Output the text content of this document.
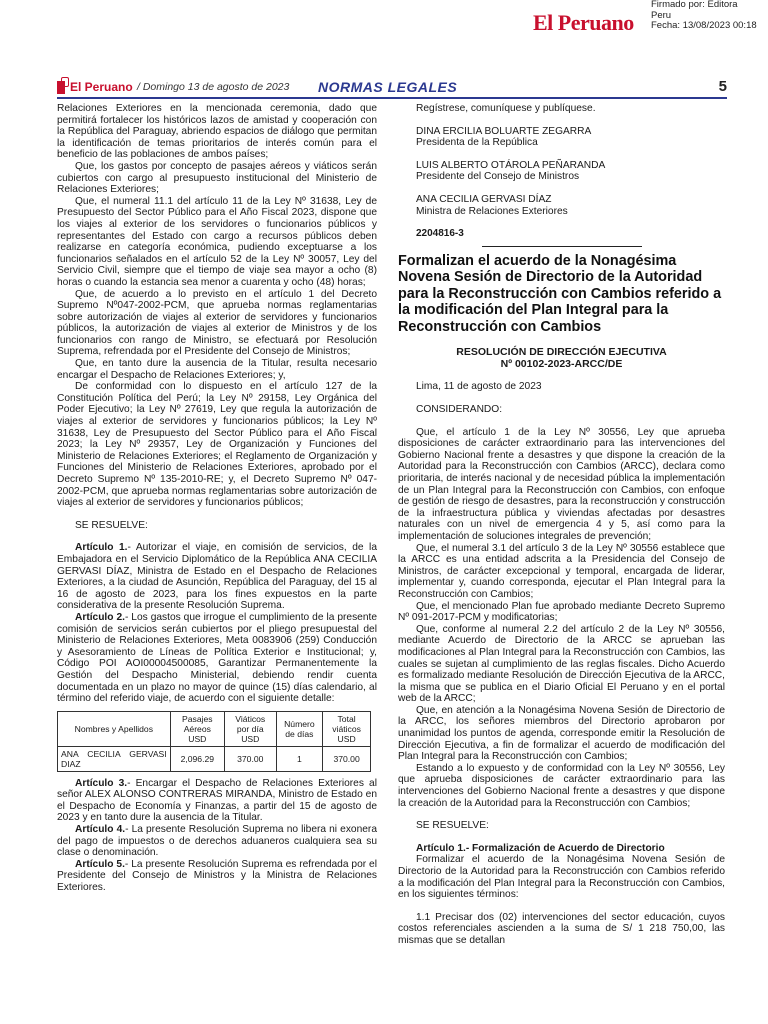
El Peruano
Firmado por: Editora
Peru
Fecha: 13/08/2023 00:18
El Peruano / Domingo 13 de agosto de 2023 NORMAS LEGALES	5

Relaciones Exteriores en la mencionada ceremonia, dado que permitirá fortalecer los históricos lazos de amistad y cooperación con la República del Paraguay, abriendo espacios de diálogo que permitan la identificación de temas prioritarios de interés común para el beneficio de las poblaciones de ambos países;

Que, los gastos por concepto de pasajes aéreos y viáticos serán cubiertos con cargo al presupuesto institucional del Ministerio de Relaciones Exteriores;

Que, el numeral 11.1 del artículo 11 de la Ley Nº 31638, Ley de Presupuesto del Sector Público para el Año Fiscal 2023, dispone que los viajes al exterior de los servidores o funcionarios públicos y representantes del Estado con cargo a recursos públicos deben realizarse en categoría económica, pudiendo exceptuarse a los funcionarios señalados en el artículo 52 de la Ley Nº 30057, Ley del Servicio Civil, siempre que el tiempo de viaje sea mayor a ocho (8) horas o cuando la estancia sea menor a cuarenta y ocho (48) horas;

Que, de acuerdo a lo previsto en el artículo 1 del Decreto Supremo Nº047-2002-PCM, que aprueba normas reglamentarias sobre autorización de viajes al exterior de servidores y funcionarios públicos, la autorización de viajes al exterior de Ministros y de los funcionarios con rango de Ministro, se efectuará por Resolución Suprema, refrendada por el Presidente del Consejo de Ministros;

Que, en tanto dure la ausencia de la Titular, resulta necesario encargar el Despacho de Relaciones Exteriores; y,

De conformidad con lo dispuesto en el artículo 127 de la Constitución Política del Perú; la Ley Nº 29158, Ley Orgánica del Poder Ejecutivo; la Ley Nº 27619, Ley que regula la autorización de viajes al exterior de servidores y funcionarios públicos; la Ley Nº 31638, Ley de Presupuesto del Sector Público para el Año Fiscal 2023; la Ley Nº 29357, Ley de Organización y Funciones del Ministerio de Relaciones Exteriores; el Reglamento de Organización y Funciones del Ministerio de Relaciones Exteriores, aprobado por el Decreto Supremo Nº 135-2010-RE; y, el Decreto Supremo Nº 047-2002-PCM, que aprueba normas reglamentarias sobre autorización de viajes al exterior de servidores y funcionarios públicos;

SE RESUELVE:

Artículo 1.- Autorizar el viaje, en comisión de servicios, de la Embajadora en el Servicio Diplomático de la República ANA CECILIA GERVASI DÍAZ, Ministra de Estado en el Despacho de Relaciones Exteriores, a la ciudad de Asunción, República del Paraguay, del 15 al 16 de agosto de 2023, para los fines expuestos en la parte considerativa de la presente Resolución Suprema.

Artículo 2.- Los gastos que irrogue el cumplimiento de la presente comisión de servicios serán cubiertos por el pliego presupuestal del Ministerio de Relaciones Exteriores, Meta 0083906 (259) Conducción y Asesoramiento de Líneas de Política Exterior e Institucional; y, Código POI AOI00004500085, Garantizar Permanentemente la Gestión del Despacho Ministerial, debiendo rendir cuenta documentada en un plazo no mayor de quince (15) días calendario, al término del referido viaje, de acuerdo con el siguiente detalle:

Nombres y Apellidos	Pasajes Aéreos USD	Viáticos por día USD	Número de días	Total viáticos USD
ANA CECILIA GERVASI DIAZ	2,096.29	370.00	1	370.00

Artículo 3.- Encargar el Despacho de Relaciones Exteriores al señor ALEX ALONSO CONTRERAS MIRANDA, Ministro de Estado en el Despacho de Economía y Finanzas, a partir del 15 de agosto de 2023 y en tanto dure la ausencia de la Titular.

Artículo 4.- La presente Resolución Suprema no libera ni exonera del pago de impuestos o de derechos aduaneros cualquiera sea su clase o denominación.

Artículo 5.- La presente Resolución Suprema es refrendada por el Presidente del Consejo de Ministros y la Ministra de Relaciones Exteriores.

Regístrese, comuníquese y publíquese.

DINA ERCILIA BOLUARTE ZEGARRA

Presidenta de la República

LUIS ALBERTO OTÁROLA PEÑARANDA

Presidente del Consejo de Ministros

ANA CECILIA GERVASI DÍAZ

Ministra de Relaciones Exteriores

2204816-3

Formalizan el acuerdo de la Nonagésima Novena Sesión de Directorio de la Autoridad para la Reconstrucción con Cambios referido a la modificación del Plan Integral para la Reconstrucción con Cambios

RESOLUCIÓN DE DIRECCIÓN EJECUTIVA

Nº 00102-2023-ARCC/DE

Lima, 11 de agosto de 2023

CONSIDERANDO:

Que, el artículo 1 de la Ley Nº 30556, Ley que aprueba disposiciones de carácter extraordinario para las intervenciones del Gobierno Nacional frente a desastres y que dispone la creación de la Autoridad para la Reconstrucción con Cambios (ARCC), declara como prioritaria, de interés nacional y de necesidad pública la implementación de un Plan Integral para la Reconstrucción con Cambios, con enfoque de gestión de riesgo de desastres, para la reconstrucción y construcción de la infraestructura pública y viviendas afectadas por desastres naturales con un nivel de emergencia 4 y 5, así como para la implementación de soluciones integrales de prevención;

Que, el numeral 3.1 del artículo 3 de la Ley Nº 30556 establece que la ARCC es una entidad adscrita a la Presidencia del Consejo de Ministros, de carácter excepcional y temporal, encargada de liderar, implementar y, cuando corresponda, ejecutar el Plan Integral para la Reconstrucción con Cambios;

Que, el mencionado Plan fue aprobado mediante Decreto Supremo Nº 091-2017-PCM y modificatorias;

Que, conforme al numeral 2.2 del artículo 2 de la Ley Nº 30556, mediante Acuerdo de Directorio de la ARCC se aprueban las modificaciones al Plan Integral para la Reconstrucción con Cambios, las cuales se sujetan al cumplimiento de las reglas fiscales. Dicho Acuerdo es formalizado mediante Resolución de Dirección Ejecutiva de la ARCC, la misma que se publica en el Diario Oficial El Peruano y en el portal web de la ARCC;

Que, en atención a la Nonagésima Novena Sesión de Directorio de la ARCC, los señores miembros del Directorio aprobaron por unanimidad los puntos de agenda, corresponde emitir la Resolución de Dirección Ejecutiva, a fin de formalizar el acuerdo de modificación del Plan Integral para la Reconstrucción con Cambios;

Estando a lo expuesto y de conformidad con la Ley Nº 30556, Ley que aprueba disposiciones de carácter extraordinario para las intervenciones del Gobierno Nacional frente a desastres y que dispone la creación de la Autoridad para la Reconstrucción con Cambios;

SE RESUELVE:

Artículo 1.- Formalización de Acuerdo de Directorio

Formalizar el acuerdo de la Nonagésima Novena Sesión de Directorio de la Autoridad para la Reconstrucción con Cambios referido a la modificación del Plan Integral para la Reconstrucción con Cambios, en los siguientes términos:

1.1 Precisar dos (02) intervenciones del sector educación, cuyos costos referenciales ascienden a la suma de S/ 1 218 750,00, las mismas que se detallan
